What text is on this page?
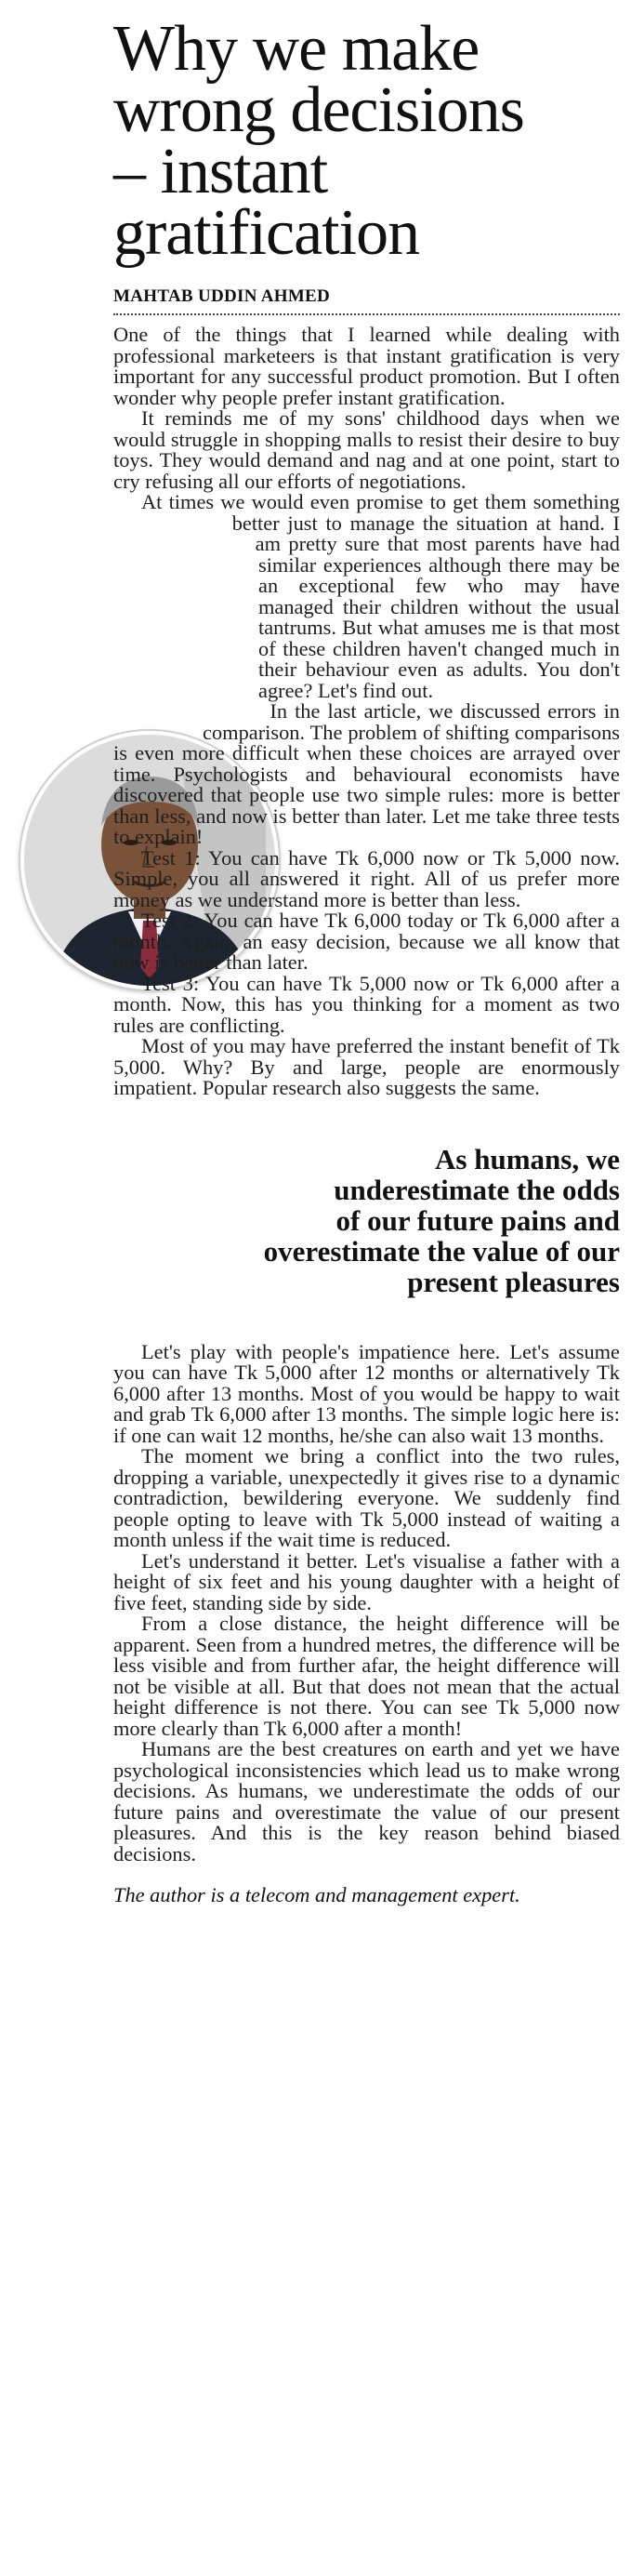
Why we make
wrong decisions
– instant
gratification
MAHTAB UDDIN AHMED

One of the things that I learned while dealing with professional marketeers is that instant gratification is very important for any successful product promotion. But I often wonder why people prefer instant gratification.

It reminds me of my sons' childhood days when we would struggle in shopping malls to resist their desire to buy toys. They would demand and nag and at one point, start to cry refusing all our efforts of negotiations.

At times we would even promise to get them something better just to manage the situation at hand. I am pretty sure that most parents have had similar experiences although there may be an exceptional few who may have managed their children without the usual tantrums. But what amuses me is that most of these children haven't changed much in their behaviour even as adults. You don't agree? Let's find out.

In the last article, we discussed errors in comparison. The problem of shifting comparisons is even more difficult when these choices are arrayed over time. Psychologists and behavioural economists have discovered that people use two simple rules: more is better than less, and now is better than later. Let me take three tests to explain!

Test 1: You can have Tk 6,000 now or Tk 5,000 now. Simple, you all answered it right. All of us prefer more money as we understand more is better than less.

Test 2: You can have Tk 6,000 today or Tk 6,000 after a month. Again, an easy decision, because we all know that now is better than later.

Test 3: You can have Tk 5,000 now or Tk 6,000 after a month. Now, this has you thinking for a moment as two rules are conflicting.

Most of you may have preferred the instant benefit of Tk 5,000. Why? By and large, people are enormously impatient. Popular research also suggests the same.

As humans, we
underestimate the odds
of our future pains and
overestimate the value of our
present pleasures

Let's play with people's impatience here. Let's assume you can have Tk 5,000 after 12 months or alternatively Tk 6,000 after 13 months. Most of you would be happy to wait and grab Tk 6,000 after 13 months. The simple logic here is: if one can wait 12 months, he/she can also wait 13 months.

The moment we bring a conflict into the two rules, dropping a variable, unexpectedly it gives rise to a dynamic contradiction, bewildering everyone. We suddenly find people opting to leave with Tk 5,000 instead of waiting a month unless if the wait time is reduced.

Let's understand it better. Let's visualise a father with a height of six feet and his young daughter with a height of five feet, standing side by side.

From a close distance, the height difference will be apparent. Seen from a hundred metres, the difference will be less visible and from further afar, the height difference will not be visible at all. But that does not mean that the actual height difference is not there. You can see Tk 5,000 now more clearly than Tk 6,000 after a month!

Humans are the best creatures on earth and yet we have psychological inconsistencies which lead us to make wrong decisions. As humans, we underestimate the odds of our future pains and overestimate the value of our present pleasures. And this is the key reason behind biased decisions.

The author is a telecom and management expert.
